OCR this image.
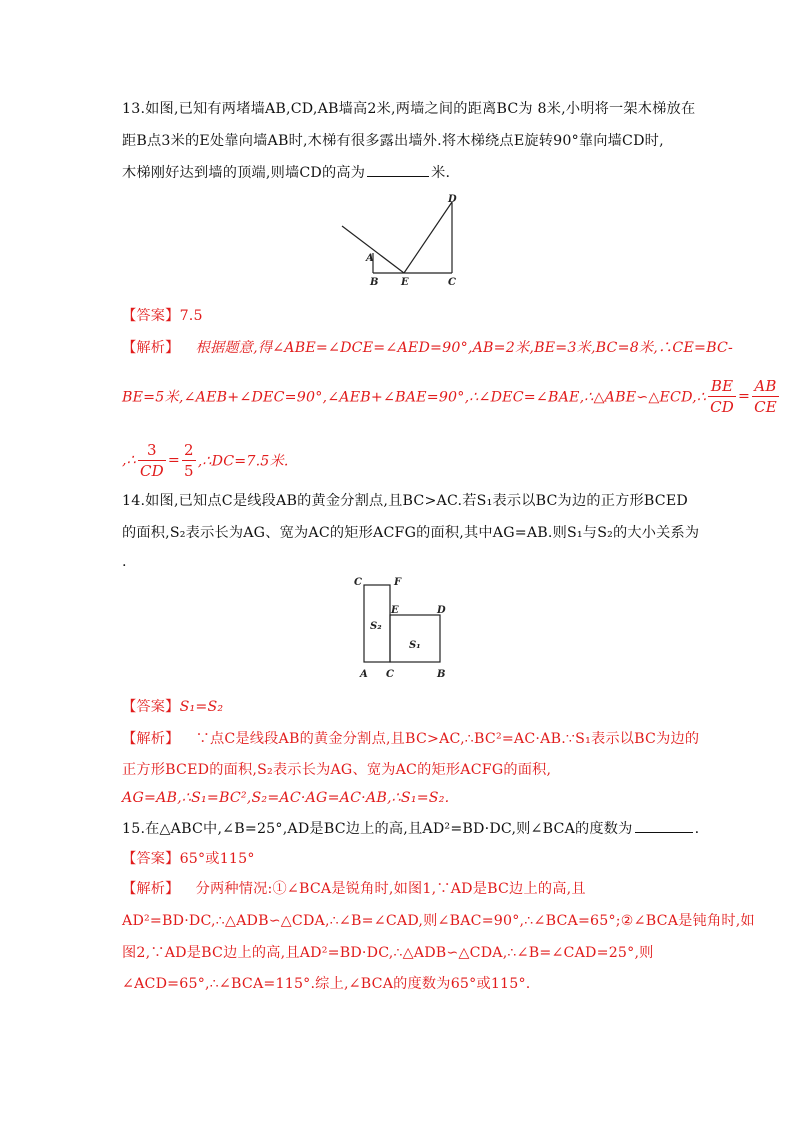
13.如图,已知有两堵墙AB,CD,AB墙高2米,两墙之间的距离BC为 8米,小明将一架木梯放在
距B点3米的E处靠向墙AB时,木梯有很多露出墙外.将木梯绕点E旋转90°靠向墙CD时,
木梯刚好达到墙的顶端,则墙CD的高为	米.
A
B E	C
D
【答案】7.5
【解析】 根据题意,得∠ABE=∠DCE=∠AED=90°,AB=2米,BE=3米,BC=8米,∴CE=BC-
BE=5米,∠AEB+∠DEC=90°,∠AEB+∠BAE=90°,∴∠DEC=∠BAE,∴△ABE∽△ECD,∴ $\frac{BE}{CD} = \frac{AB}{CE}$
,∴ $\frac{3}{CD} = \frac{2}{5}$ ,∴DC=7.5米.
14.如图,已知点C是线段AB的黄金分割点,且BC>AC.若S₁表示以BC为边的正方形BCED
的面积,S₂表示长为AG、宽为AC的矩形ACFG的面积,其中AG=AB.则S₁与S₂的大小关系为
.
C	F
E	D
S₂
S₁
A C	B
【答案】S₁=S₂
【解析】 ∵点C是线段AB的黄金分割点,且BC>AC,∴BC²=AC·AB.∵S₁表示以BC为边的
正方形BCED的面积,S₂表示长为AG、宽为AC的矩形ACFG的面积,
AG=AB,∴S₁=BC²,S₂=AC·AG=AC·AB,∴S₁=S₂.
15.在△ABC中,∠B=25°,AD是BC边上的高,且AD²=BD·DC,则∠BCA的度数为	.
【答案】65°或115°
【解析】 分两种情况:①∠BCA是锐角时,如图1,∵AD是BC边上的高,且
AD²=BD·DC,∴△ADB∽△CDA,∴∠B=∠CAD,则∠BAC=90°,∴∠BCA=65°;②∠BCA是钝角时,如
图2,∵AD是BC边上的高,且AD²=BD·DC,∴△ADB∽△CDA,∴∠B=∠CAD=25°,则
∠ACD=65°,∴∠BCA=115°.综上,∠BCA的度数为65°或115°.
